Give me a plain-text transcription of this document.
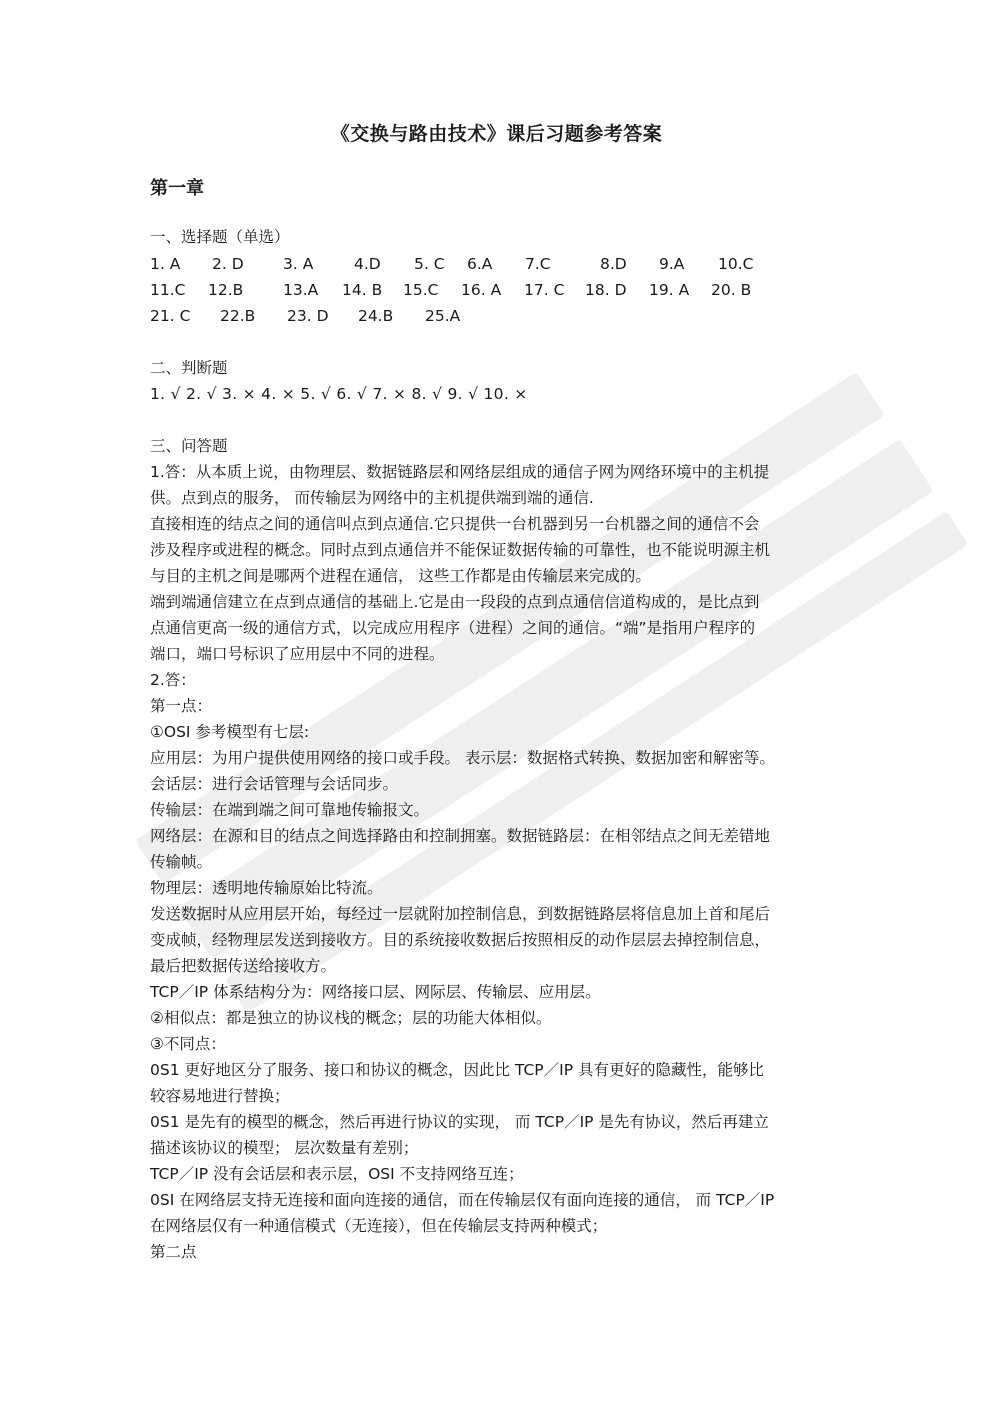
《交换与路由技术》课后习题参考答案
第一章
一、选择题（单选）
1. A 2. D	3. A	4.D 5. C 6.A 7.C	8.D 9.A 10.C
11.C 12.B	13.A 14. B 15.C 16. A 17. C 18. D 19. A 20. B
21. C 22.B 23. D 24.B 25.A
二、判断题
1. √ 2. √ 3. × 4. × 5. √ 6. √ 7. × 8. √ 9. √ 10. ×
三、问答题
1.答：从本质上说，由物理层、数据链路层和网络层组成的通信子网为网络环境中的主机提
供。点到点的服务， 而传输层为网络中的主机提供端到端的通信.
直接相连的结点之间的通信叫点到点通信.它只提供一台机器到另一台机器之间的通信不会
涉及程序或进程的概念。同时点到点通信并不能保证数据传输的可靠性，也不能说明源主机
与目的主机之间是哪两个进程在通信， 这些工作都是由传输层来完成的。
端到端通信建立在点到点通信的基础上.它是由一段段的点到点通信信道构成的，是比点到
点通信更高一级的通信方式，以完成应用程序（进程）之间的通信。“端”是指用户程序的
端口，端口号标识了应用层中不同的进程。
2.答：
第一点：
①OSI 参考模型有七层:
应用层：为用户提供使用网络的接口或手段。 表示层：数据格式转换、数据加密和解密等。
会话层：进行会话管理与会话同步。
传输层：在端到端之间可靠地传输报文。
网络层：在源和目的结点之间选择路由和控制拥塞。数据链路层：在相邻结点之间无差错地
传输帧。
物理层：透明地传输原始比特流。
发送数据时从应用层开始，每经过一层就附加控制信息，到数据链路层将信息加上首和尾后
变成帧，经物理层发送到接收方。目的系统接收数据后按照相反的动作层层去掉控制信息，
最后把数据传送给接收方。
TCP／IP 体系结构分为：网络接口层、网际层、传输层、应用层。
②相似点：都是独立的协议栈的概念；层的功能大体相似。
③不同点：
0S1 更好地区分了服务、接口和协议的概念，因此比 TCP／IP 具有更好的隐藏性，能够比
较容易地进行替换；
0S1 是先有的模型的概念，然后再进行协议的实现， 而 TCP／IP 是先有协议，然后再建立
描述该协议的模型； 层次数量有差别；
TCP／IP 没有会话层和表示层，OSI 不支持网络互连；
0SI 在网络层支持无连接和面向连接的通信，而在传输层仅有面向连接的通信， 而 TCP／IP
在网络层仅有一种通信模式（无连接），但在传输层支持两种模式；
第二点
